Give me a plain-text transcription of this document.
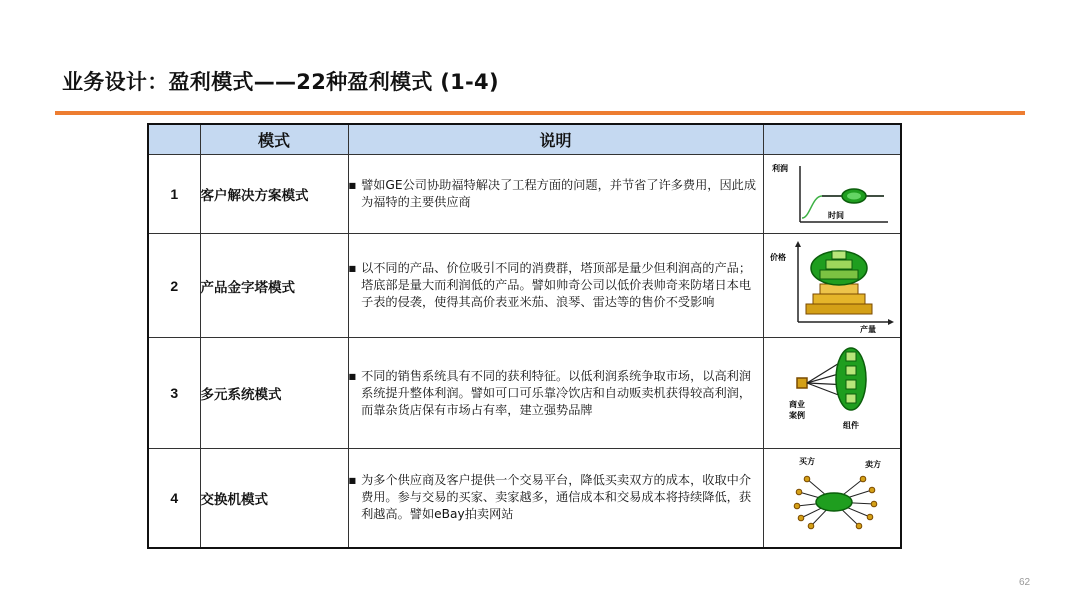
业务设计：盈利模式——22种盈利模式 (1-4)
	模式	说明	
1	客户解决方案模式	■ 譬如GE公司协助福特解决了工程方面的问题，并节省了许多费用，因此成为福特的主要供应商	利润
时间

2	产品金字塔模式	■ 以不同的产品、价位吸引不同的消费群，塔顶部是量少但利润高的产品；塔底部是量大而利润低的产品。譬如帅奇公司以低价表帅奇来防堵日本电子表的侵袭，使得其高价表亚米茄、浪琴、雷达等的售价不受影响	价格
产量

3	多元系统模式	■ 不同的销售系统具有不同的获利特征。以低利润系统争取市场，以高利润系统提升整体利润。譬如可口可乐靠冷饮店和自动贩卖机获得较高利润，而靠杂货店保有市场占有率，建立强势品牌	商业
案例
组件

4	交换机模式	■ 为多个供应商及客户提供一个交易平台，降低买卖双方的成本，收取中介费用。参与交易的买家、卖家越多，通信成本和交易成本将持续降低，获利越高。譬如eBay拍卖网站	买方 卖方
62
